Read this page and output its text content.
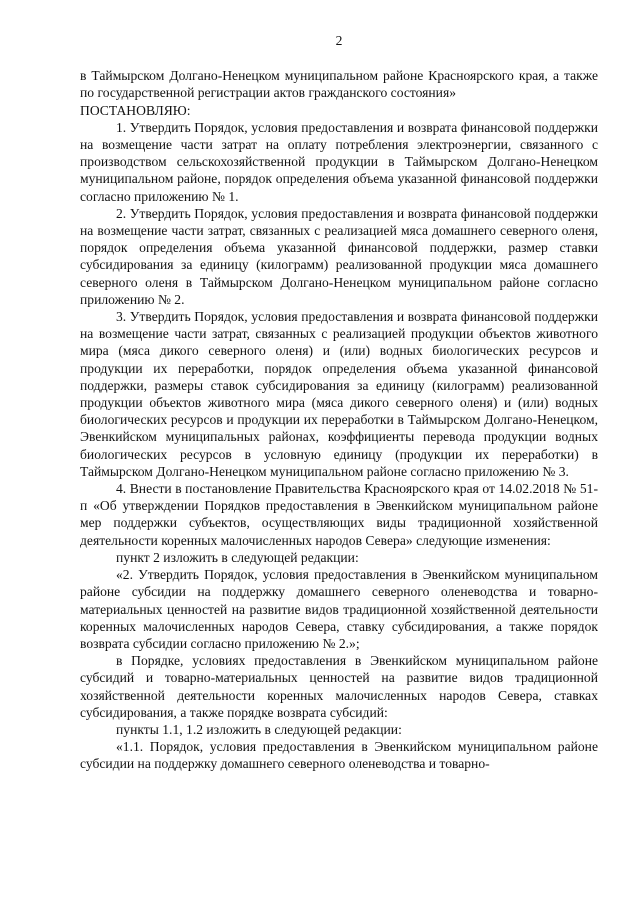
2

в Таймырском Долгано-Ненецком муниципальном районе Красноярского края, а также по государственной регистрации актов гражданского состояния»

ПОСТАНОВЛЯЮ:

1. Утвердить Порядок, условия предоставления и возврата финансовой поддержки на возмещение части затрат на оплату потребления электроэнергии, связанного с производством сельскохозяйственной продукции в Таймырском Долгано-Ненецком муниципальном районе, порядок определения объема указанной финансовой поддержки согласно приложению № 1.

2. Утвердить Порядок, условия предоставления и возврата финансовой поддержки на возмещение части затрат, связанных с реализацией мяса домашнего северного оленя, порядок определения объема указанной финансовой поддержки, размер ставки субсидирования за единицу (килограмм) реализованной продукции мяса домашнего северного оленя в Таймырском Долгано-Ненецком муниципальном районе согласно приложению № 2.

3. Утвердить Порядок, условия предоставления и возврата финансовой поддержки на возмещение части затрат, связанных с реализацией продукции объектов животного мира (мяса дикого северного оленя) и (или) водных биологических ресурсов и продукции их переработки, порядок определения объема указанной финансовой поддержки, размеры ставок субсидирования за единицу (килограмм) реализованной продукции объектов животного мира (мяса дикого северного оленя) и (или) водных биологических ресурсов и продукции их переработки в Таймырском Долгано-Ненецком, Эвенкийском муниципальных районах, коэффициенты перевода продукции водных биологических ресурсов в условную единицу (продукции их переработки) в Таймырском Долгано-Ненецком муниципальном районе согласно приложению № 3.

4. Внести в постановление Правительства Красноярского края от 14.02.2018 № 51-п «Об утверждении Порядков предоставления в Эвенкийском муниципальном районе мер поддержки субъектов, осуществляющих виды традиционной хозяйственной деятельности коренных малочисленных народов Севера» следующие изменения:

пункт 2 изложить в следующей редакции:

«2. Утвердить Порядок, условия предоставления в Эвенкийском муниципальном районе субсидии на поддержку домашнего северного оленеводства и товарно-материальных ценностей на развитие видов традиционной хозяйственной деятельности коренных малочисленных народов Севера, ставку субсидирования, а также порядок возврата субсидии согласно приложению № 2.»;

в Порядке, условиях предоставления в Эвенкийском муниципальном районе субсидий и товарно-материальных ценностей на развитие видов традиционной хозяйственной деятельности коренных малочисленных народов Севера, ставках субсидирования, а также порядке возврата субсидий:

пункты 1.1, 1.2 изложить в следующей редакции:

«1.1. Порядок, условия предоставления в Эвенкийском муниципальном районе субсидии на поддержку домашнего северного оленеводства и товарно-
